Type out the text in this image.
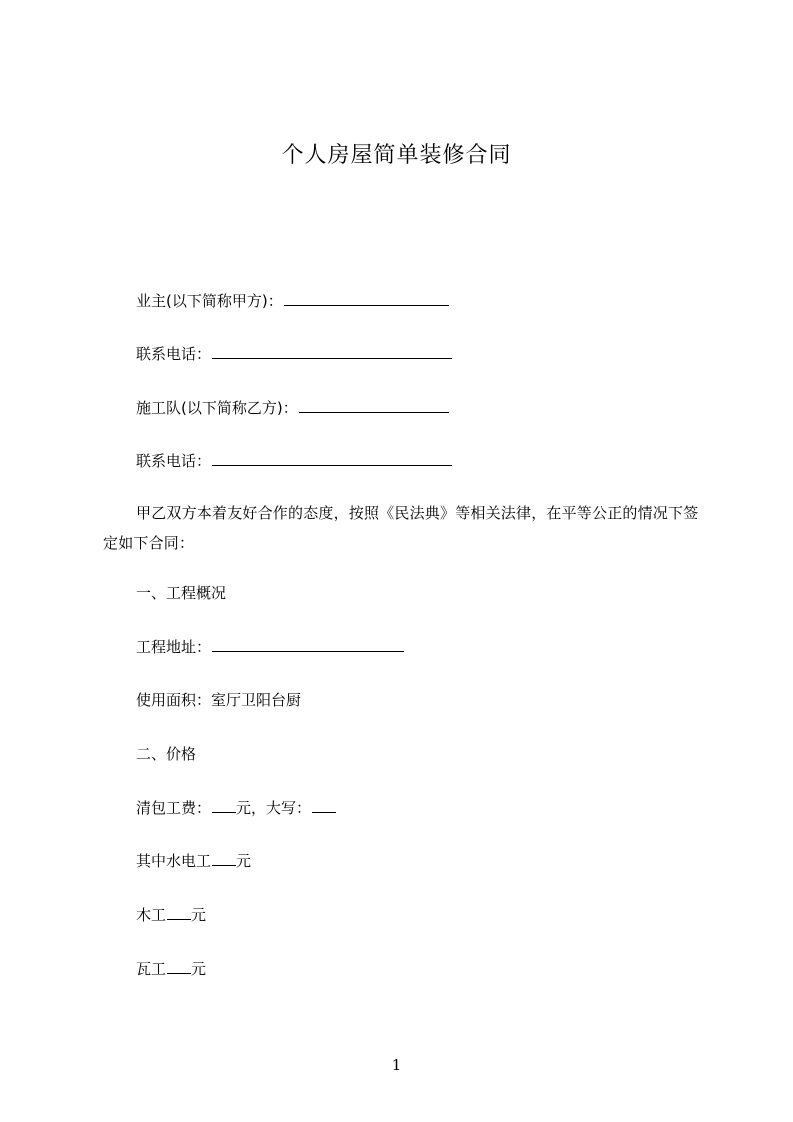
个人房屋简单装修合同
业主(以下简称甲方)：
联系电话：
施工队(以下简称乙方)：
联系电话：
甲乙双方本着友好合作的态度，按照《民法典》等相关法律，在平等公正的情况下签定如下合同：
一、工程概况
工程地址：
使用面积：室厅卫阳台厨
二、价格
清包工费： 元，大写：
其中水电工 元
木工 元
瓦工 元
1
